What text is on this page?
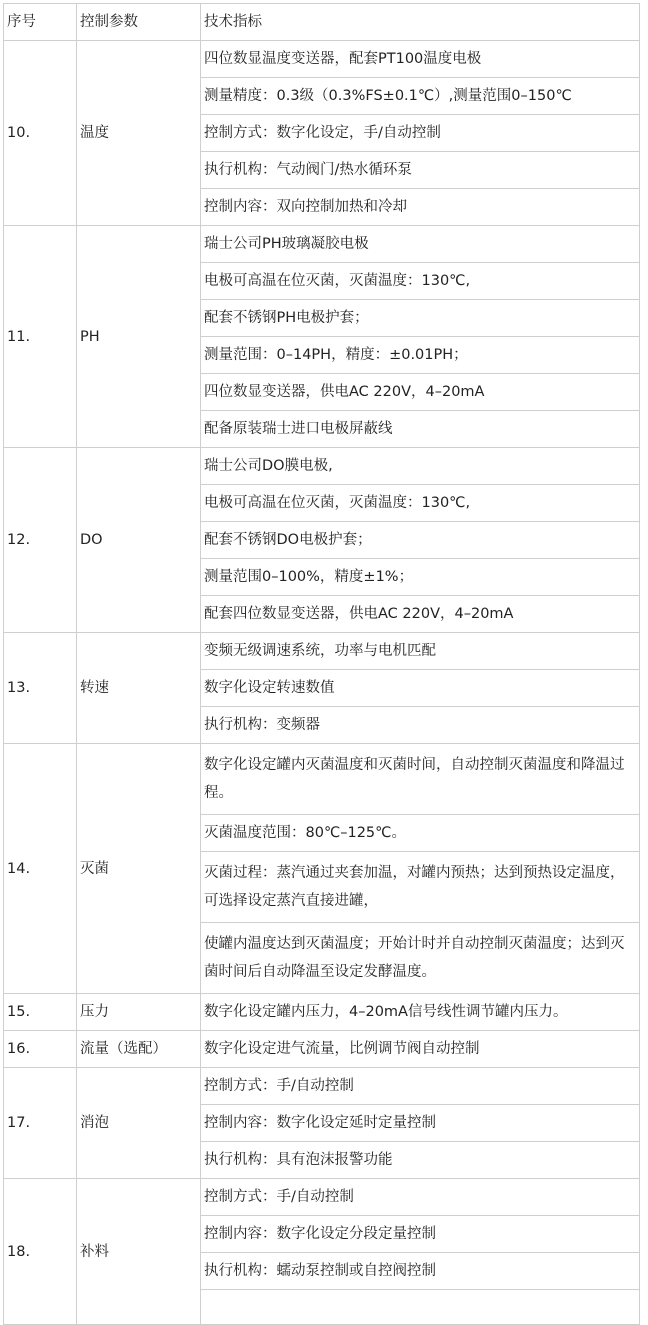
序号	控制参数	技术指标
10.	温度	四位数显温度变送器，配套PT100温度电极
		测量精度：0.3级（0.3%FS±0.1℃）,测量范围0–150℃
		控制方式：数字化设定，手/自动控制
		执行机构：气动阀门/热水循环泵
		控制内容：双向控制加热和冷却
11.	PH	瑞士公司PH玻璃凝胶电极
		电极可高温在位灭菌，灭菌温度：130℃,
		配套不锈钢PH电极护套；
		测量范围：0–14PH，精度：±0.01PH；
		四位数显变送器，供电AC 220V，4–20mA
		配备原装瑞士进口电极屏蔽线
12.	DO	瑞士公司DO膜电极,
		电极可高温在位灭菌，灭菌温度：130℃,
		配套不锈钢DO电极护套；
		测量范围0–100%，精度±1%；
		配套四位数显变送器，供电AC 220V，4–20mA
13.	转速	变频无级调速系统，功率与电机匹配
		数字化设定转速数值
		执行机构：变频器
14.	灭菌	数字化设定罐内灭菌温度和灭菌时间，自动控制灭菌温度和降温过程。
		灭菌温度范围：80℃–125℃。
		灭菌过程：蒸汽通过夹套加温，对罐内预热；达到预热设定温度，可选择设定蒸汽直接进罐，
		使罐内温度达到灭菌温度；开始计时并自动控制灭菌温度；达到灭菌时间后自动降温至设定发酵温度。
15.	压力	数字化设定罐内压力，4–20mA信号线性调节罐内压力。
16.	流量（选配）	数字化设定进气流量，比例调节阀自动控制
17.	消泡	控制方式：手/自动控制
		控制内容：数字化设定延时定量控制
		执行机构：具有泡沫报警功能
18.	补料	控制方式：手/自动控制
		控制内容：数字化设定分段定量控制
		执行机构：蠕动泵控制或自控阀控制
